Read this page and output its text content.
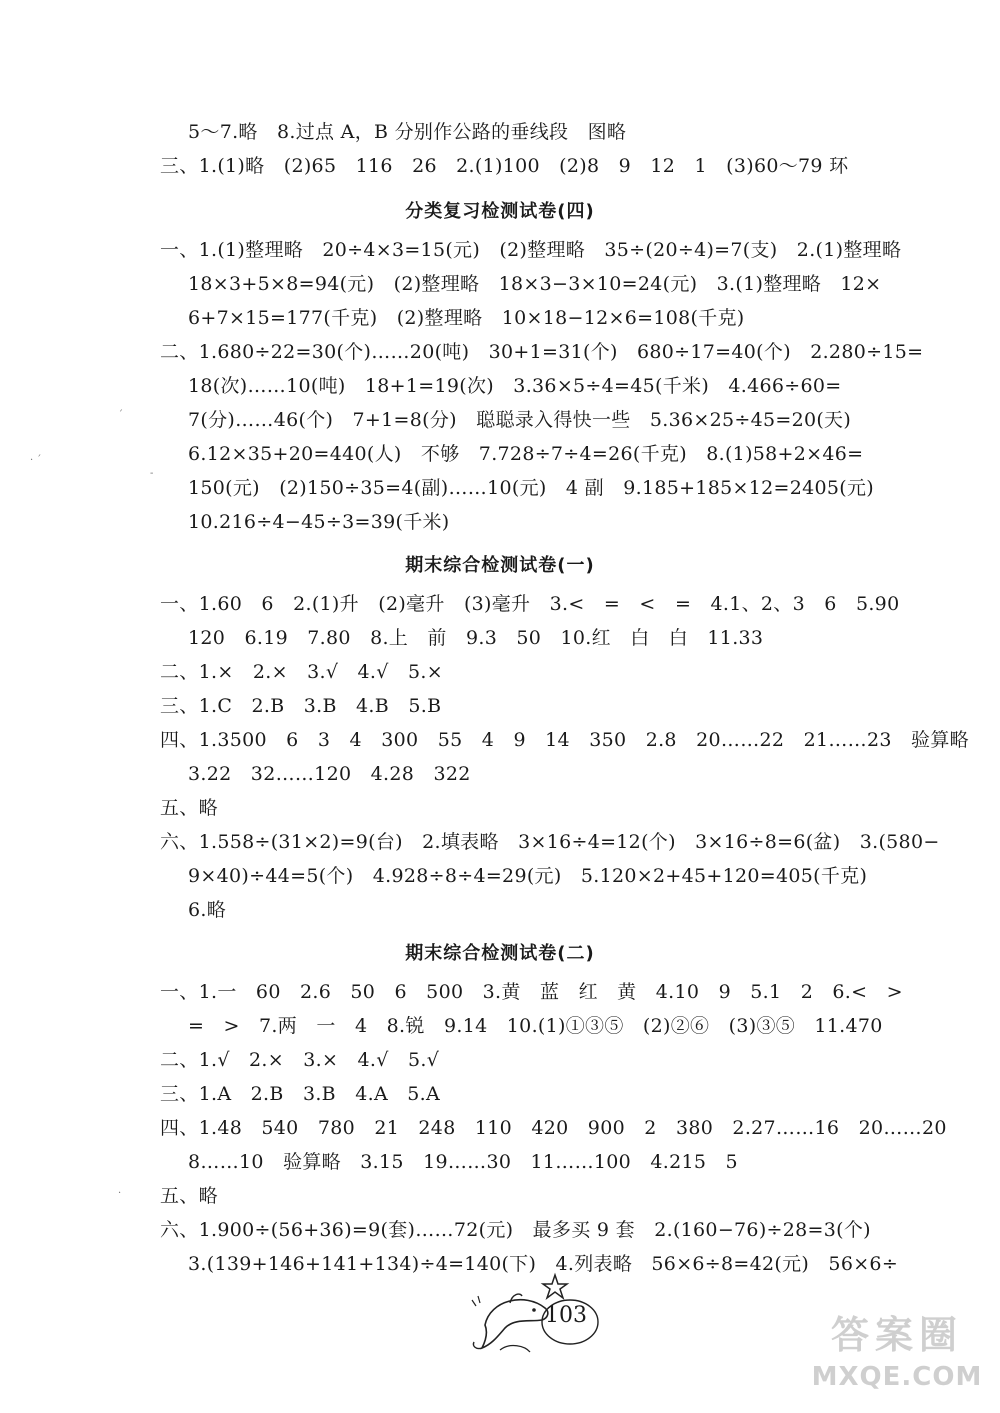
5～7.略　8.过点 A，B 分别作公路的垂线段　图略
三、1.(1)略　(2)65　116　26　2.(1)100　(2)8　9　12　1　(3)60～79 环
分类复习检测试卷(四)
一、1.(1)整理略　20÷4×3=15(元)　(2)整理略　35÷(20÷4)=7(支)　2.(1)整理略
18×3+5×8=94(元)　(2)整理略　18×3−3×10=24(元)　3.(1)整理略　12×
6+7×15=177(千克)　(2)整理略　10×18−12×6=108(千克)
二、1.680÷22=30(个)……20(吨)　30+1=31(个)　680÷17=40(个)　2.280÷15=
18(次)……10(吨)　18+1=19(次)　3.36×5÷4=45(千米)　4.466÷60=
7(分)……46(个)　7+1=8(分)　聪聪录入得快一些　5.36×25÷45=20(天)
6.12×35+20=440(人)　不够　7.728÷7÷4=26(千克)　8.(1)58+2×46=
150(元)　(2)150÷35=4(副)……10(元)　4 副　9.185+185×12=2405(元)
10.216÷4−45÷3=39(千米)
期末综合检测试卷(一)
一、1.60　6　2.(1)升　(2)毫升　(3)毫升　3.<　=　<　=　4.1、2、3　6　5.90
120　6.19　7.80　8.上　前　9.3　50　10.红　白　白　11.33
二、1.×　2.×　3.√　4.√　5.×
三、1.C　2.B　3.B　4.B　5.B
四、1.3500　6　3　4　300　55　4　9　14　350　2.8　20……22　21……23　验算略
3.22　32……120　4.28　322
五、略
六、1.558÷(31×2)=9(台)　2.填表略　3×16÷4=12(个)　3×16÷8=6(盆)　3.(580−
9×40)÷44=5(个)　4.928÷8÷4=29(元)　5.120×2+45+120=405(千克)
6.略
期末综合检测试卷(二)
一、1.一　60　2.6　50　6　500　3.黄　蓝　红　黄　4.10　9　5.1　2　6.<　>
=　>　7.两　一　4　8.锐　9.14　10.(1)①③⑤　(2)②⑥　(3)③⑤　11.470
二、1.√　2.×　3.×　4.√　5.√
三、1.A　2.B　3.B　4.A　5.A
四、1.48　540　780　21　248　110　420　900　2　380　2.27……16　20……20
8……10　验算略　3.15　19……30　11……100　4.215　5
五、略
六、1.900÷(56+36)=9(套)……72(元)　最多买 9 套　2.(160−76)÷28=3(个)
3.(139+146+141+134)÷4=140(下)　4.列表略　56×6÷8=42(元)　56×6÷
ˊ
· ˊ
-
·
103	答案圈
MXQE.COM
